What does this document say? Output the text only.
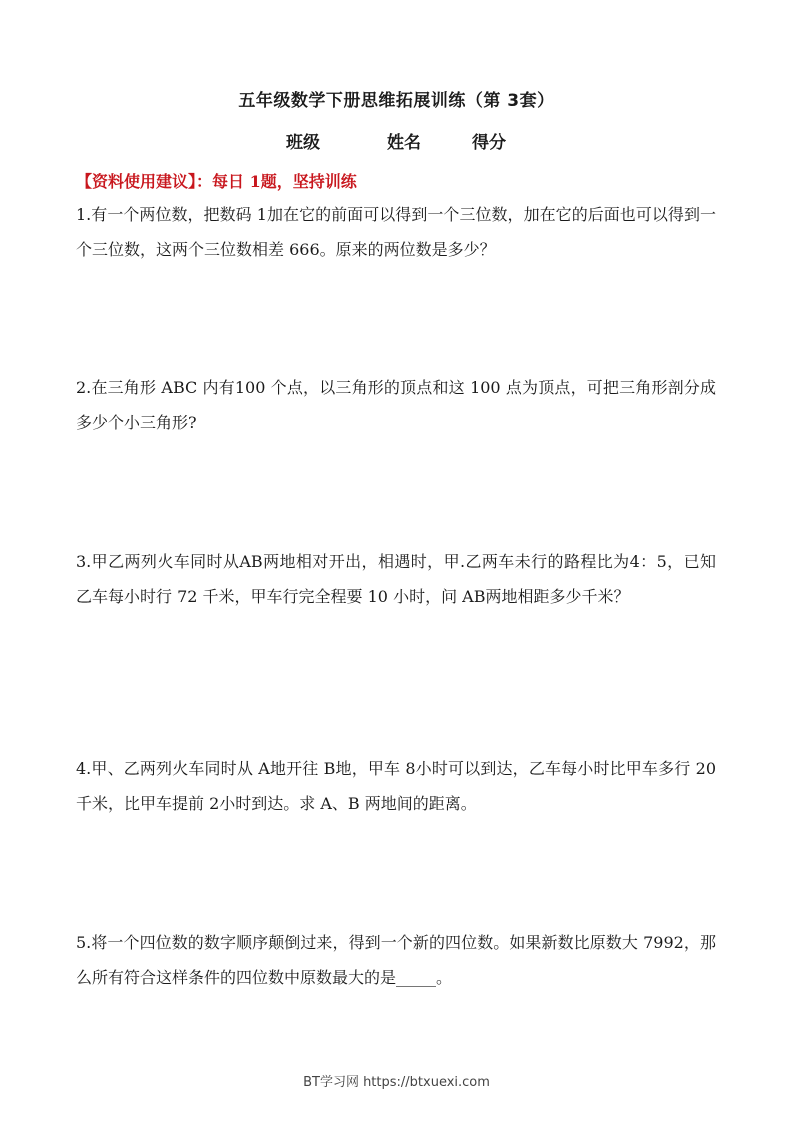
五年级数学下册思维拓展训练（第 3套）
班级	姓名	得分
【资料使用建议】：每日 1题，坚持训练
1.有一个两位数，把数码 1加在它的前面可以得到一个三位数，加在它的后面也可以得到一个三位数，这两个三位数相差 666。原来的两位数是多少？
2.在三角形 ABC 内有100 个点，以三角形的顶点和这 100 点为顶点，可把三角形剖分成多少个小三角形?
3.甲乙两列火车同时从AB两地相对开出，相遇时，甲.乙两车未行的路程比为4：5，已知乙车每小时行 72 千米，甲车行完全程要 10 小时，问 AB两地相距多少千米？
4.甲、乙两列火车同时从 A地开往 B地，甲车 8小时可以到达，乙车每小时比甲车多行 20 千米，比甲车提前 2小时到达。求 A、B 两地间的距离。
5.将一个四位数的数字顺序颠倒过来，得到一个新的四位数。如果新数比原数大 7992，那么所有符合这样条件的四位数中原数最大的是_____。
BT学习网 https://btxuexi.com
